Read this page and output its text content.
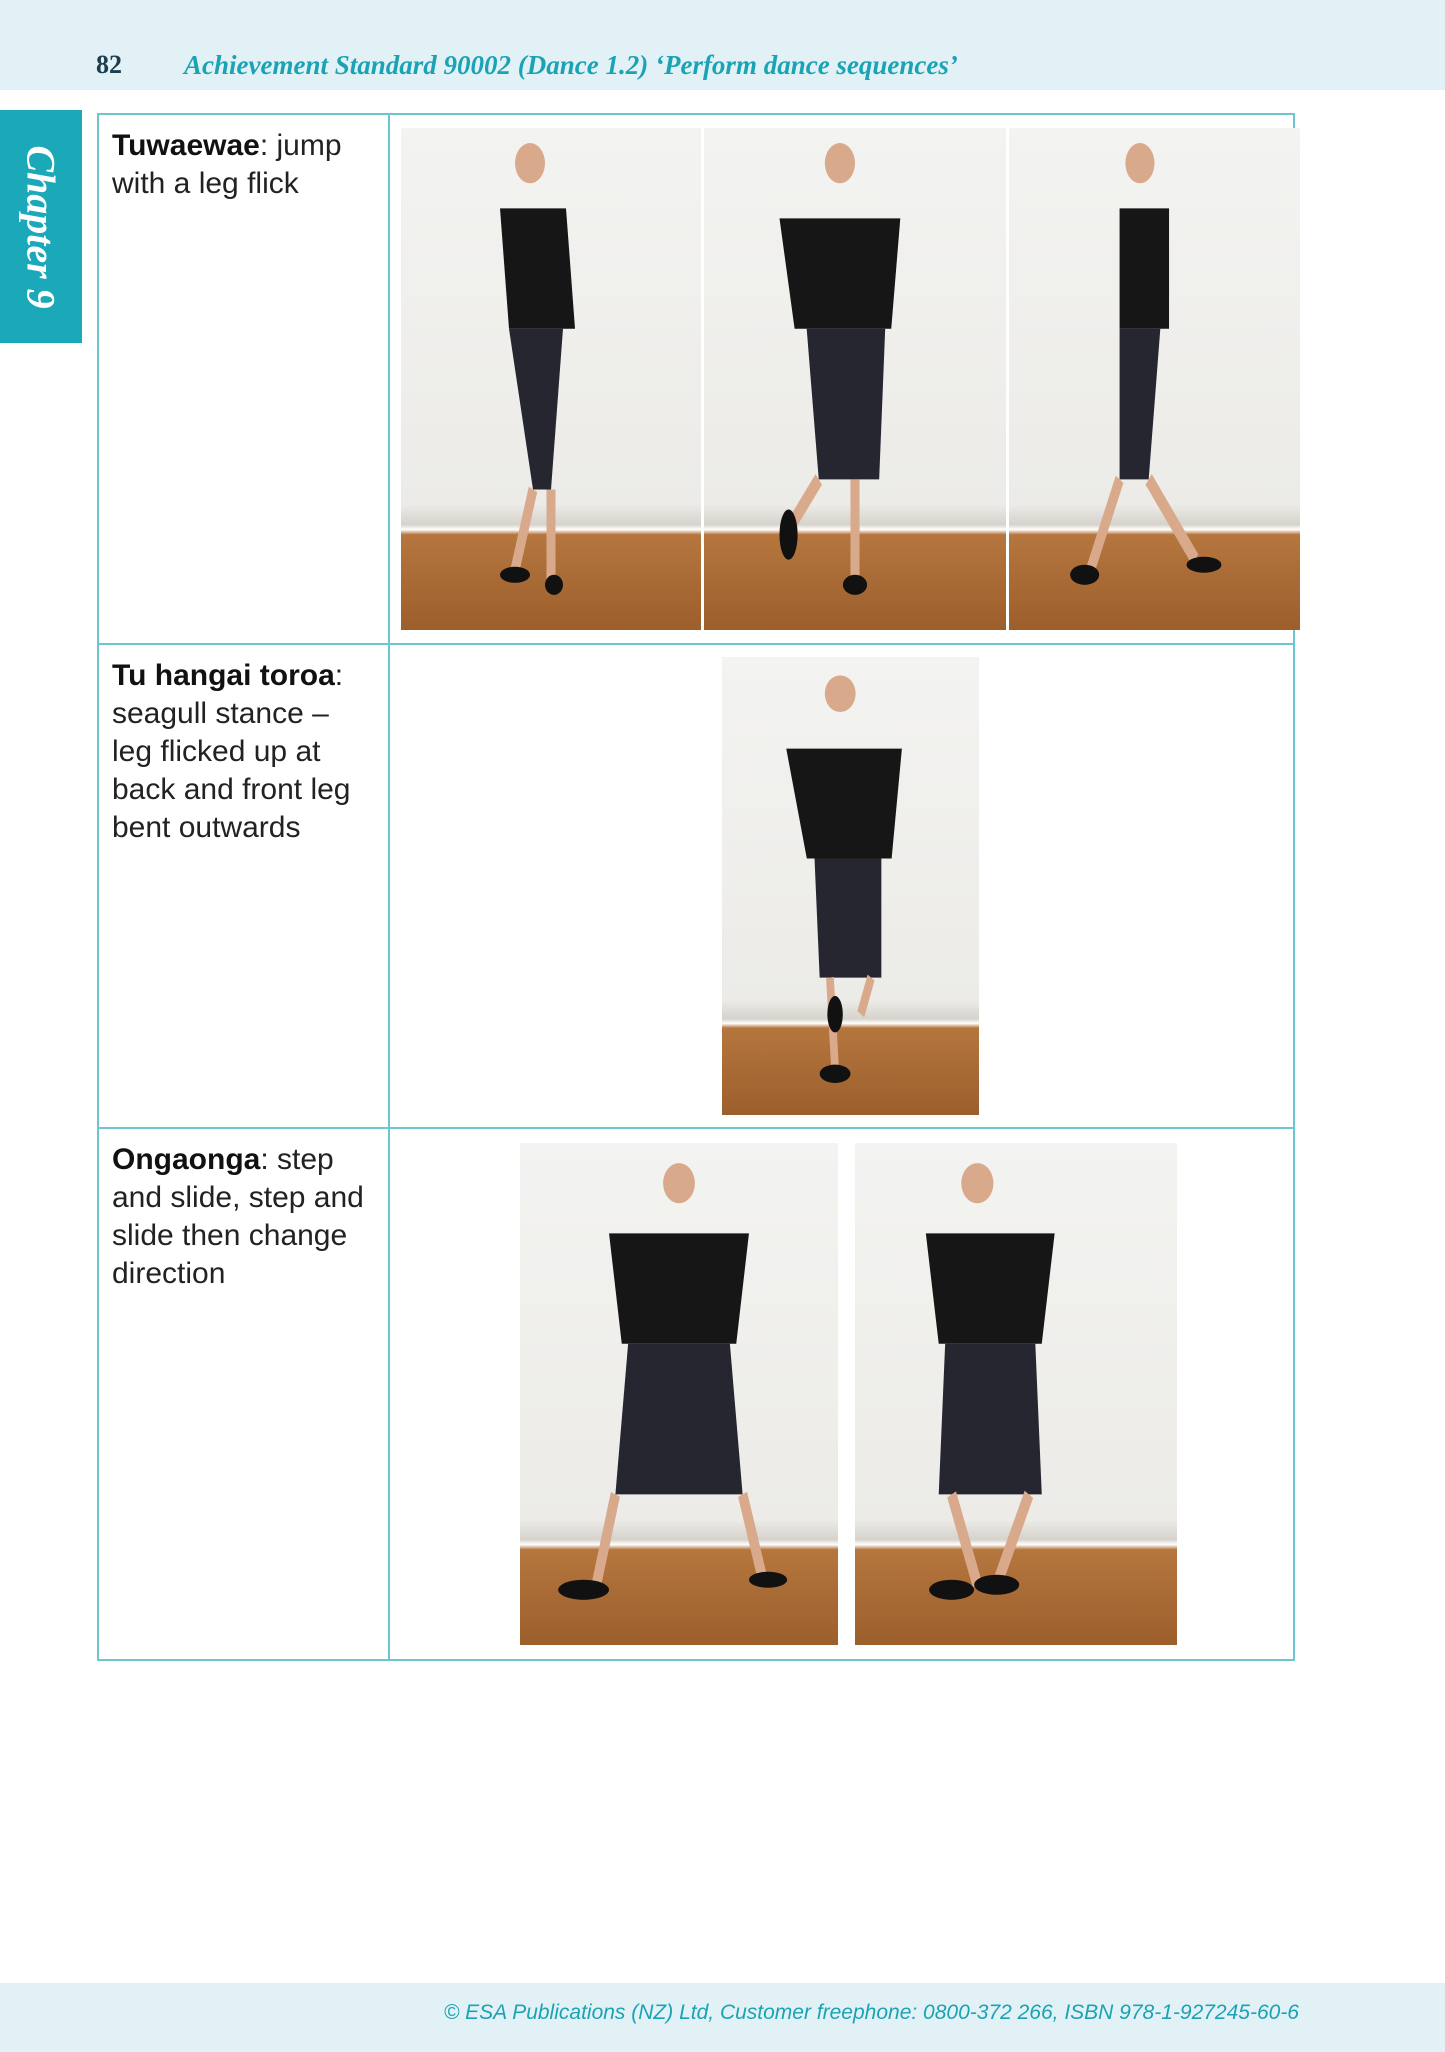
82 Achievement Standard 90002 (Dance 1.2) ‘Perform dance sequences’
Chapter 9	Tuwaewae: jump with a leg flick
Tu hangai toroa: seagull stance – leg flicked up at back and front leg bent outwards
Ongaonga: step and slide, step and slide then change direction
© ESA Publications (NZ) Ltd, Customer freephone: 0800-372 266, ISBN 978-1-927245-60-6
